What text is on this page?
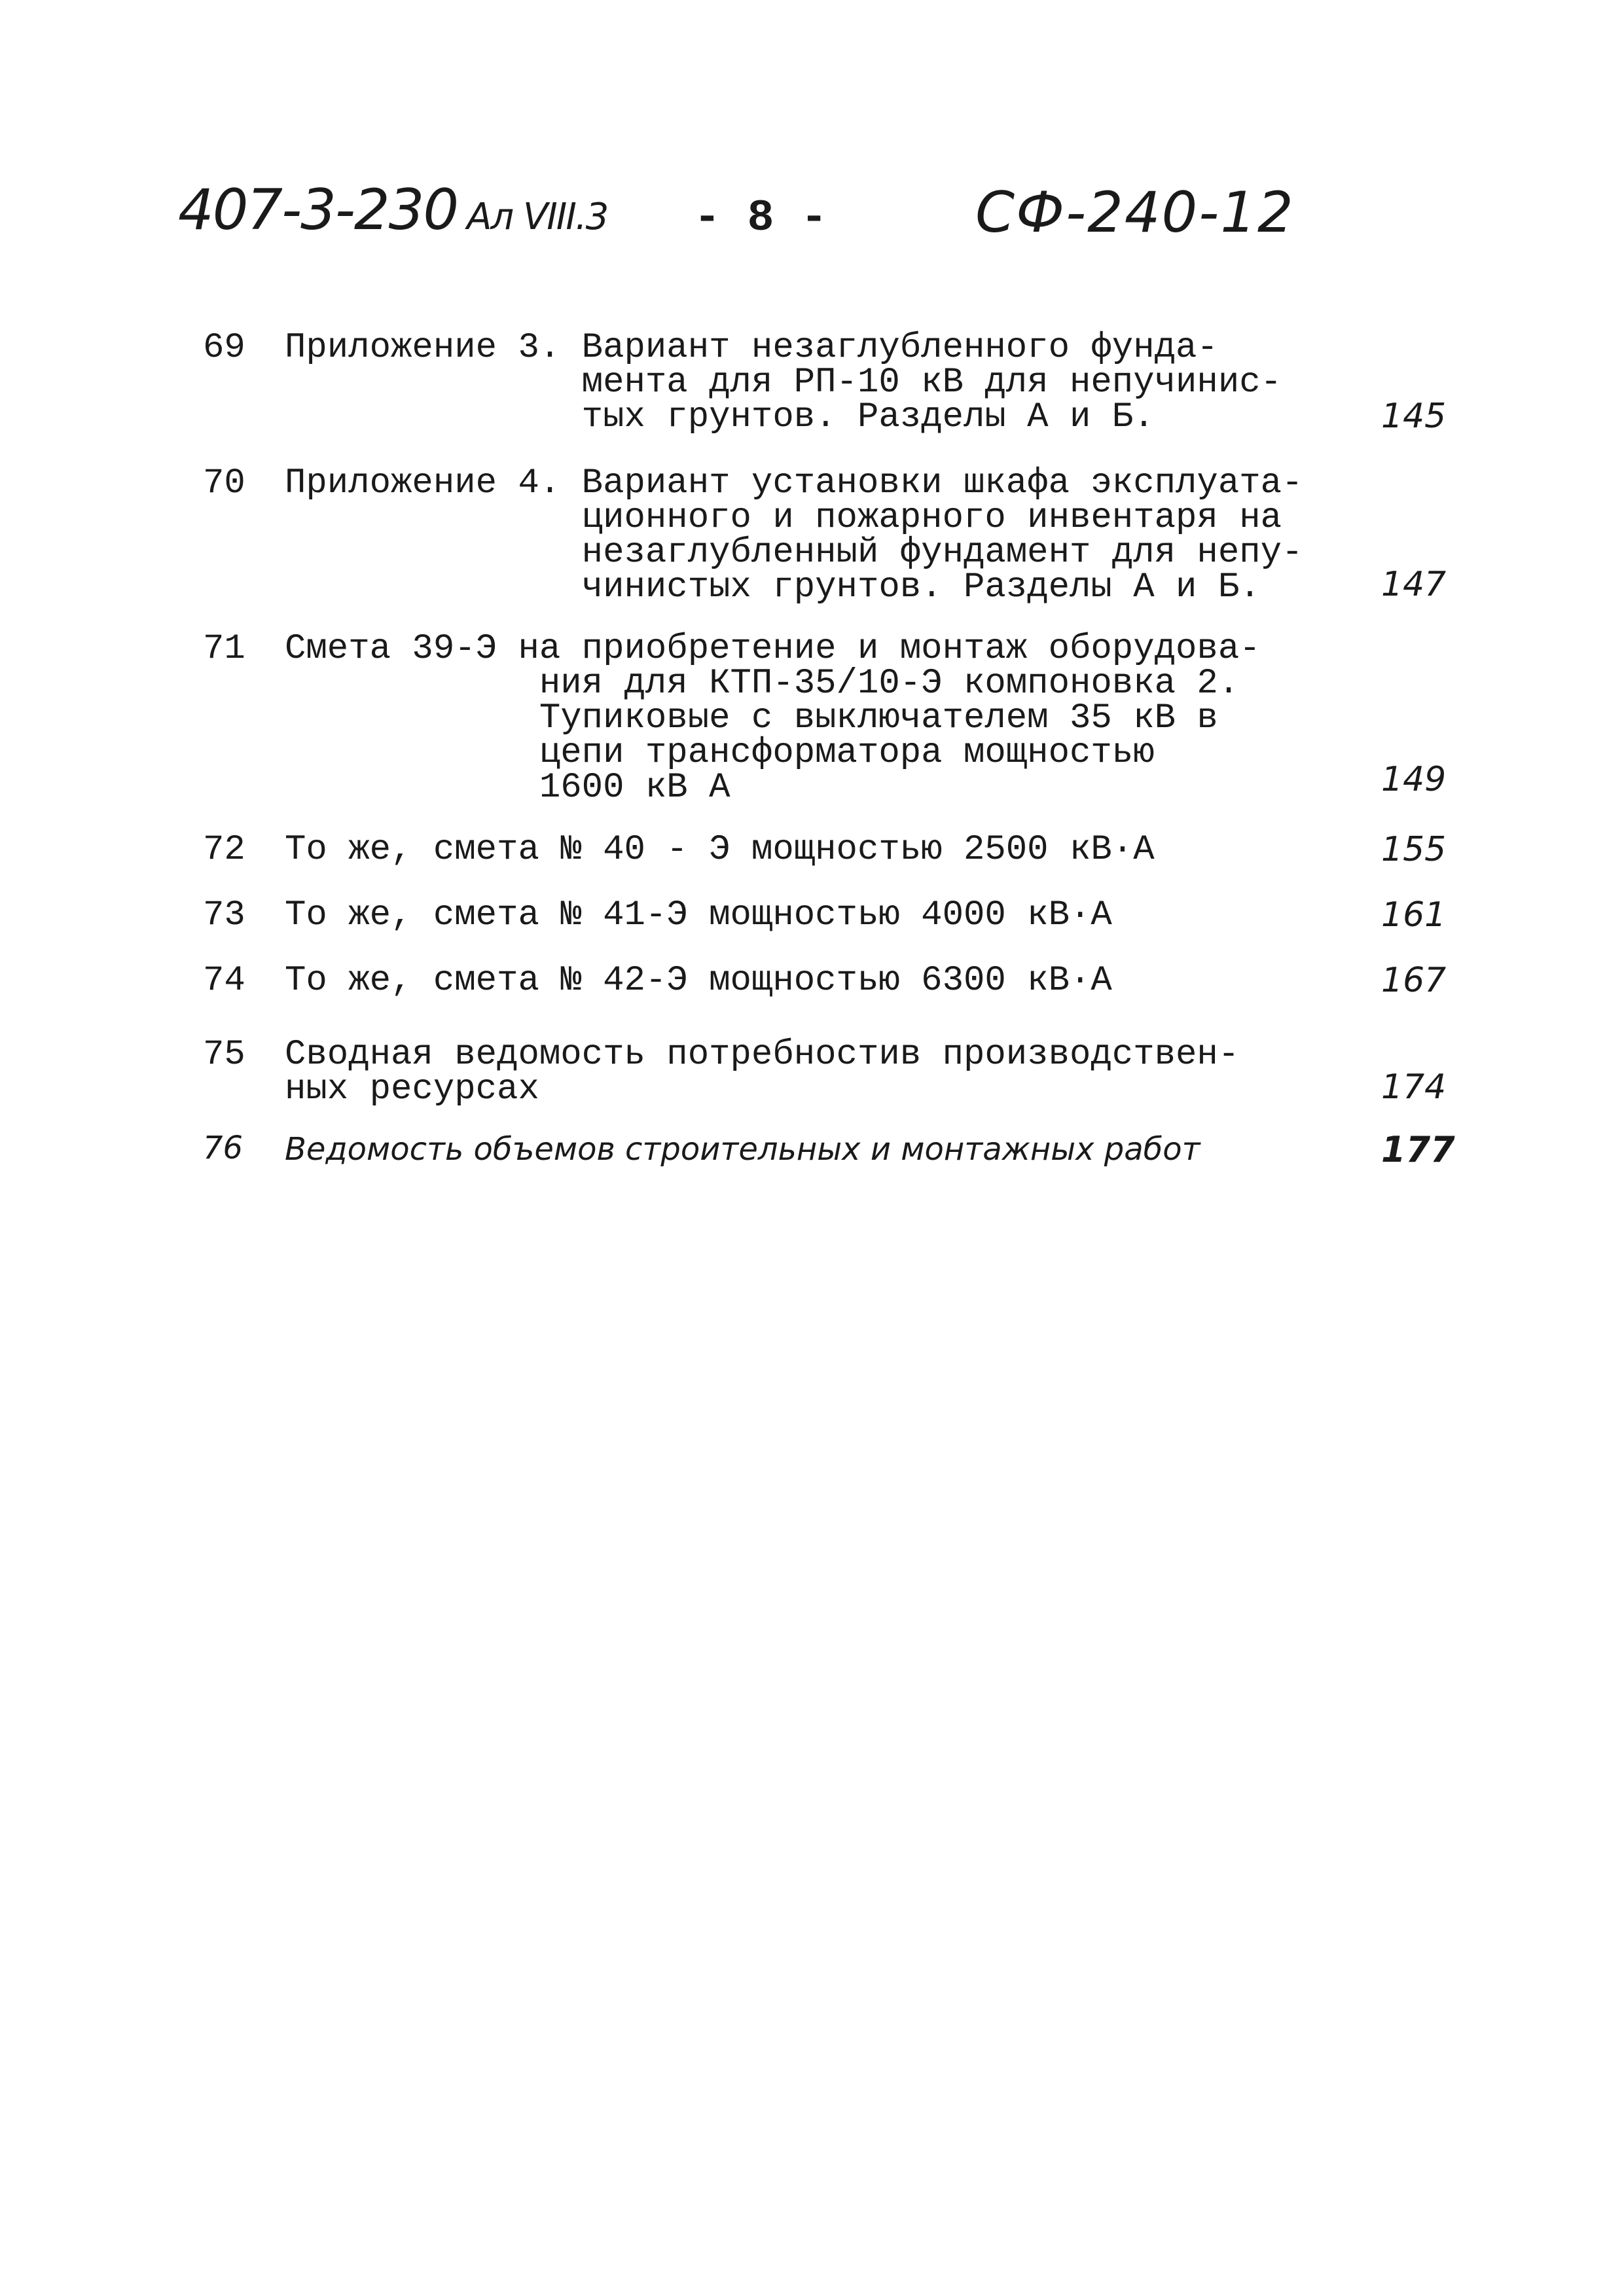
407-3-230 Ал VIII.3 - 8 -	СФ-240-12
69 Приложение 3. Вариант незаглубленного фунда-
мента для РП-10 кВ для непучинис-
тых грунтов. Разделы А и Б.	145
70 Приложение 4. Вариант установки шкафа эксплуата-
ционного и пожарного инвентаря на
незаглубленный фундамент для непу-
чинистых грунтов. Разделы А и Б.	147
71 Смета 39-Э на приобретение и монтаж оборудова-
ния для КТП-35/10-Э компоновка 2.
Тупиковые с выключателем 35 кВ в
цепи трансформатора мощностью
1600 кВ А	149
72 То же, смета № 40 - Э мощностью 2500 кВ·А	155
73 То же, смета № 41-Э мощностью 4000 кВ·А	161
74 То же, смета № 42-Э мощностью 6300 кВ·А	167
75 Сводная ведомость потребностив производствен-
ных ресурсах	174
76 Ведомость объемов строительных и монтажных работ	177
